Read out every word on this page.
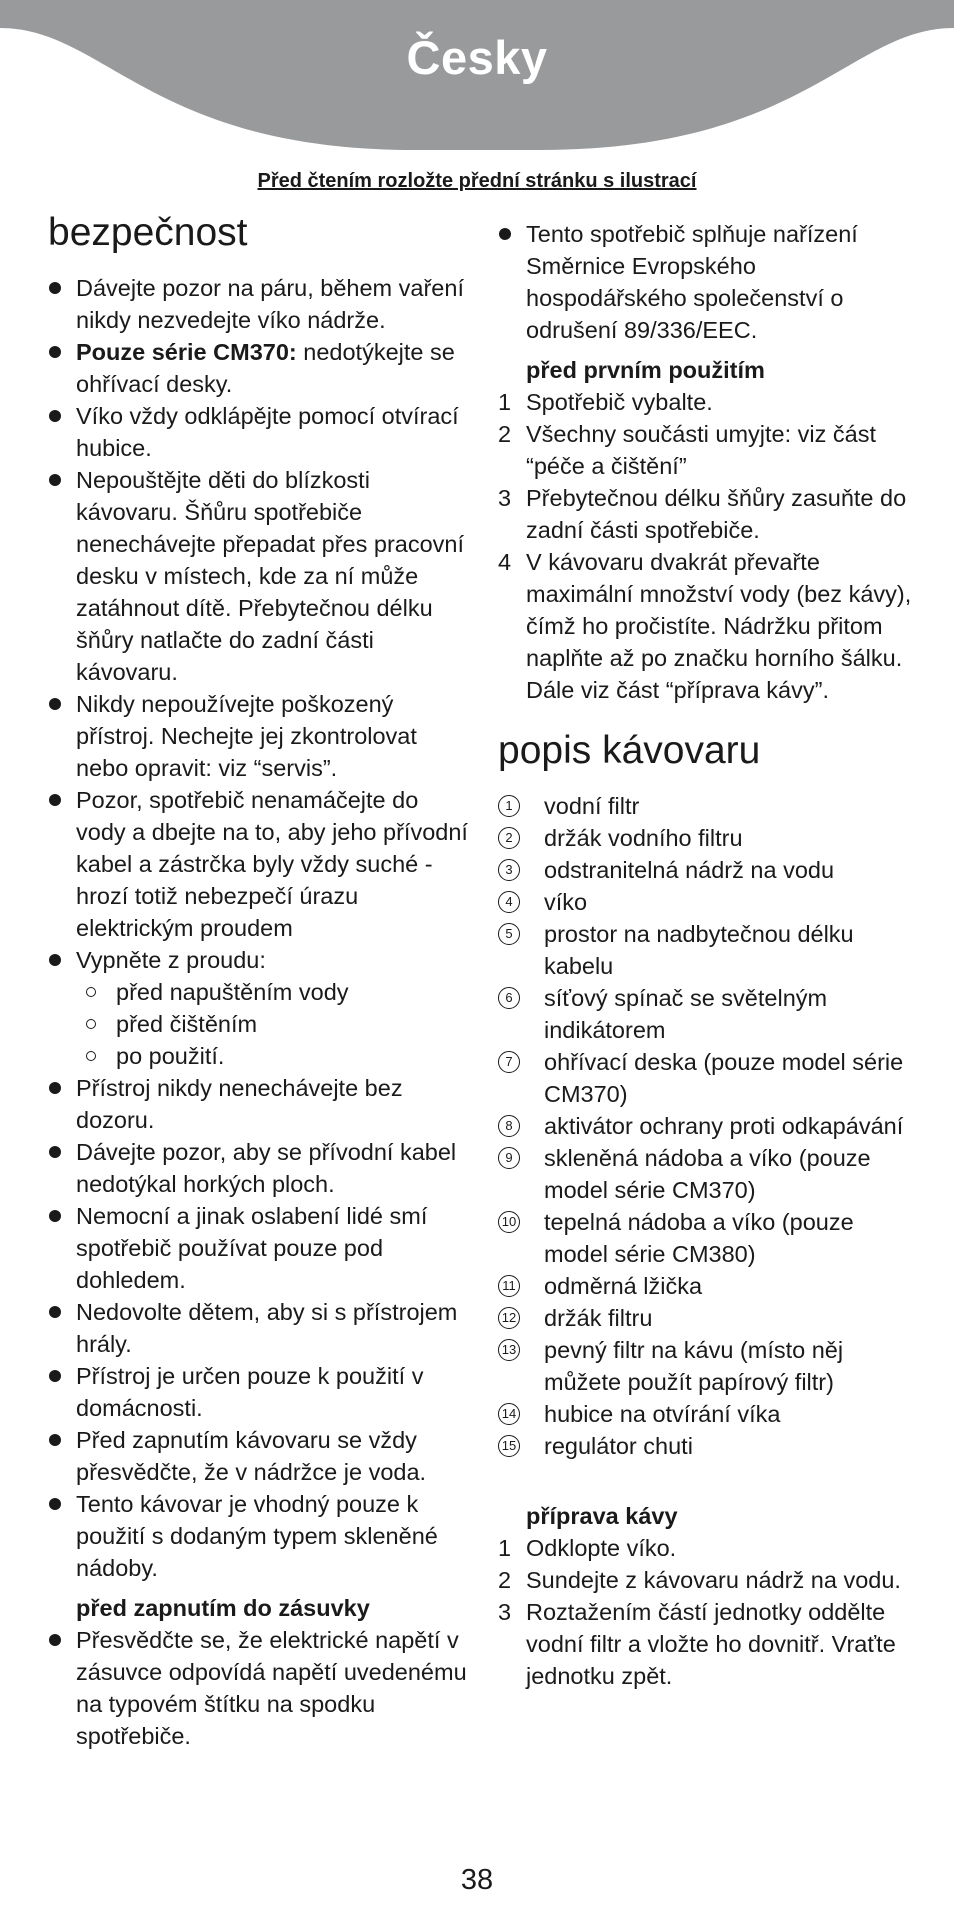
Česky
Před čtením rozložte přední stránku s ilustrací
bezpečnost
Dávejte pozor na páru, během vaření nikdy nezvedejte víko nádrže.
Pouze série CM370: nedotýkejte se ohřívací desky.
Víko vždy odklápějte pomocí otvírací hubice.
Nepouštějte děti do blízkosti kávovaru. Šňůru spotřebiče nenechávejte přepadat přes pracovní desku v místech, kde za ní může zatáhnout dítě. Přebytečnou délku šňůry natlačte do zadní části kávovaru.
Nikdy nepoužívejte poškozený přístroj. Nechejte jej zkontrolovat nebo opravit: viz “servis”.
Pozor, spotřebič nenamáčejte do vody a dbejte na to, aby jeho přívodní kabel a zástrčka byly vždy suché - hrozí totiž nebezpečí úrazu elektrickým proudem
Vypněte z proudu:
před napuštěním vody
před čištěním
po použití.
Přístroj nikdy nenechávejte bez dozoru.
Dávejte pozor, aby se přívodní kabel nedotýkal horkých ploch.
Nemocní a jinak oslabení lidé smí spotřebič používat pouze pod dohledem.
Nedovolte dětem, aby si s přístrojem hrály.
Přístroj je určen pouze k použití v domácnosti.
Před zapnutím kávovaru se vždy přesvědčte, že v nádržce je voda.
Tento kávovar je vhodný pouze k použití s dodaným typem skleněné nádoby.
před zapnutím do zásuvky
Přesvědčte se, že elektrické napětí v zásuvce odpovídá napětí uvedenému na typovém štítku na spodku spotřebiče.
Tento spotřebič splňuje nařízení Směrnice Evropského hospodářského společenství o odrušení 89/336/EEC.
před prvním použitím
1 Spotřebič vybalte.
2 Všechny součásti umyjte: viz část “péče a čištění”
3 Přebytečnou délku šňůry zasuňte do zadní části spotřebiče.
4 V kávovaru dvakrát převařte maximální množství vody (bez kávy), čímž ho pročistíte. Nádržku přitom naplňte až po značku horního šálku. Dále viz část “příprava kávy”.
popis kávovaru
1	vodní filtr
2	držák vodního filtru
3	odstranitelná nádrž na vodu
4	víko
5	prostor na nadbytečnou délku kabelu
6	síťový spínač se světelným indikátorem
7	ohřívací deska (pouze model série CM370)
8	aktivátor ochrany proti odkapávání
9	skleněná nádoba a víko (pouze model série CM370)
10 tepelná nádoba a víko (pouze model série CM380)
11 odměrná lžička
12 držák filtru
13 pevný filtr na kávu (místo něj můžete použít papírový filtr)
14 hubice na otvírání víka
15 regulátor chuti
příprava kávy
1 Odklopte víko.
2 Sundejte z kávovaru nádrž na vodu.
3 Roztažením částí jednotky oddělte vodní filtr a vložte ho dovnitř. Vraťte jednotku zpět.
38
